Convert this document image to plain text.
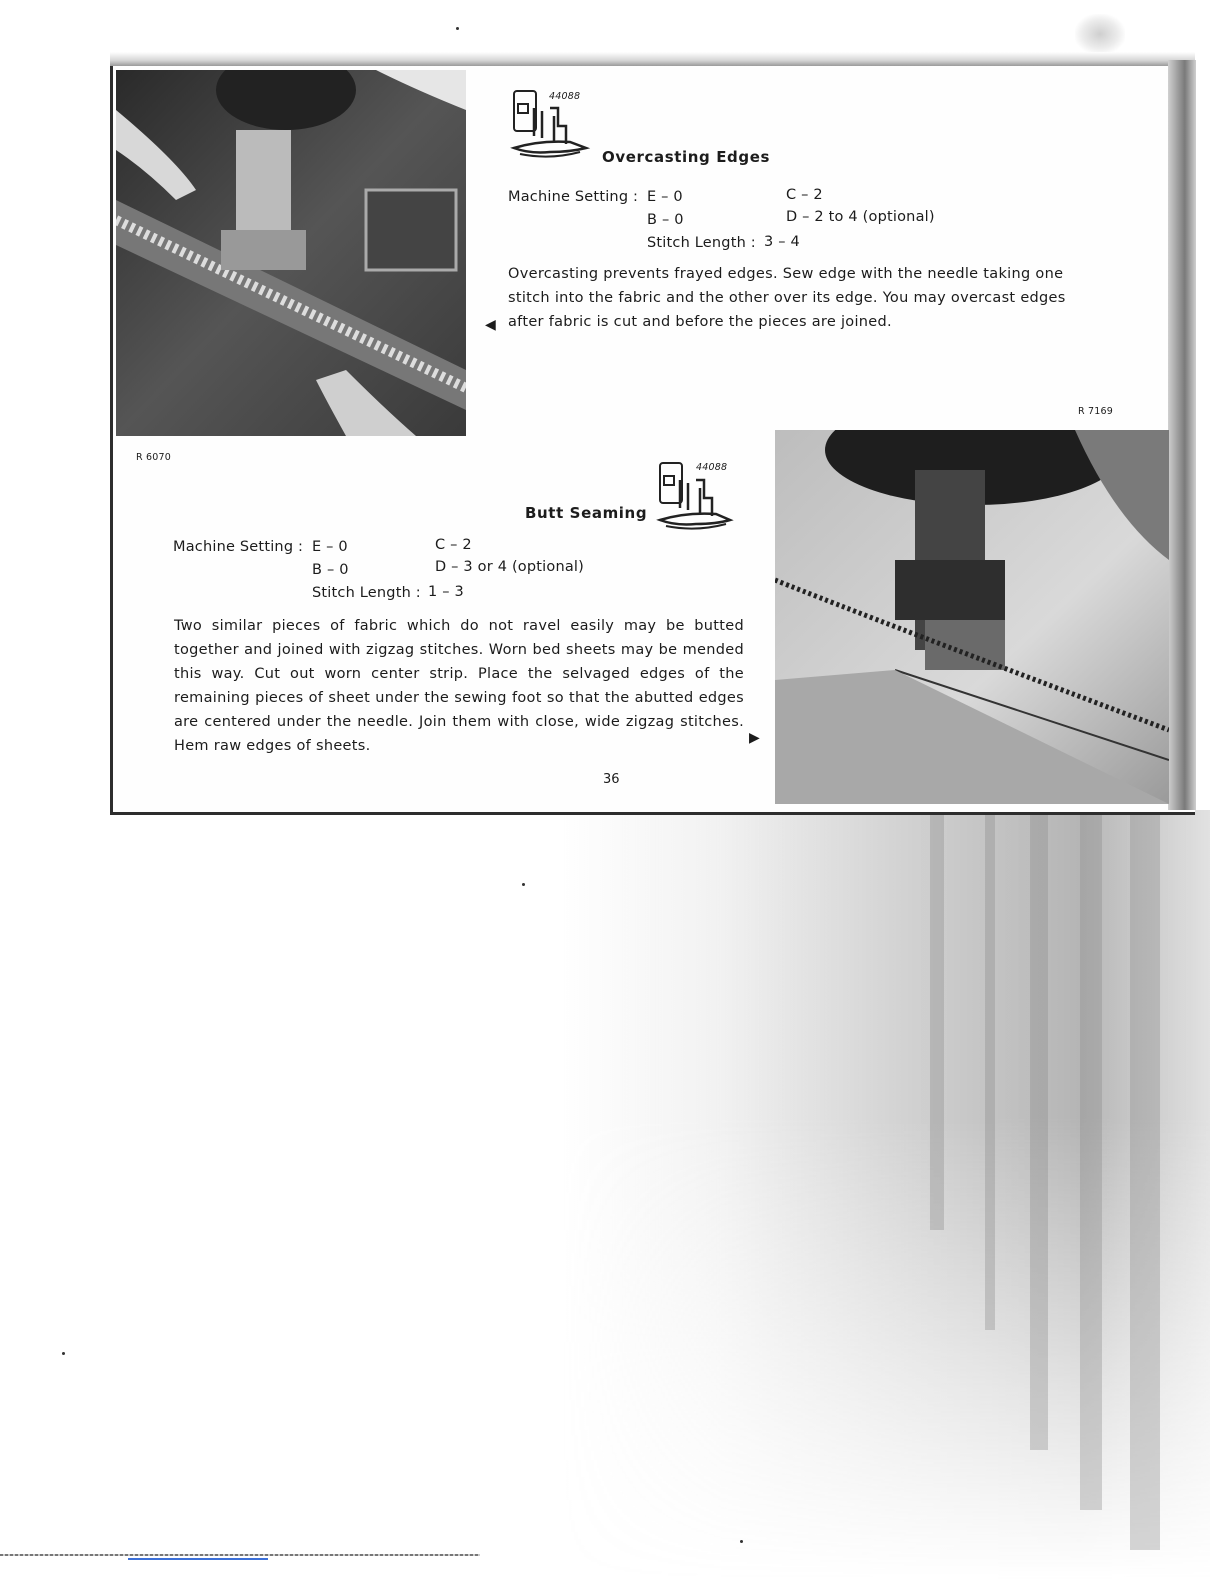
R 6070
R 7169
44088
44088
Overcasting Edges
Machine Setting : E – 0
B – 0
C – 2
D – 2 to 4 (optional)
Stitch Length : 3 – 4
Overcasting prevents frayed edges. Sew edge with the needle taking one stitch into the fabric and the other over its edge. You may overcast edges after fabric is cut and before the pieces are joined.
◀
Butt Seaming
Machine Setting : E – 0
B – 0
C – 2
D – 3 or 4 (optional)
Stitch Length : 1 – 3
Two similar pieces of fabric which do not ravel easily may be butted together and joined with zigzag stitches. Worn bed sheets may be mended this way. Cut out worn center strip. Place the selvaged edges of the remaining pieces of sheet under the sewing foot so that the abutted edges are centered under the needle. Join them with close, wide zigzag stitches. Hem raw edges of sheets.	▶
36
